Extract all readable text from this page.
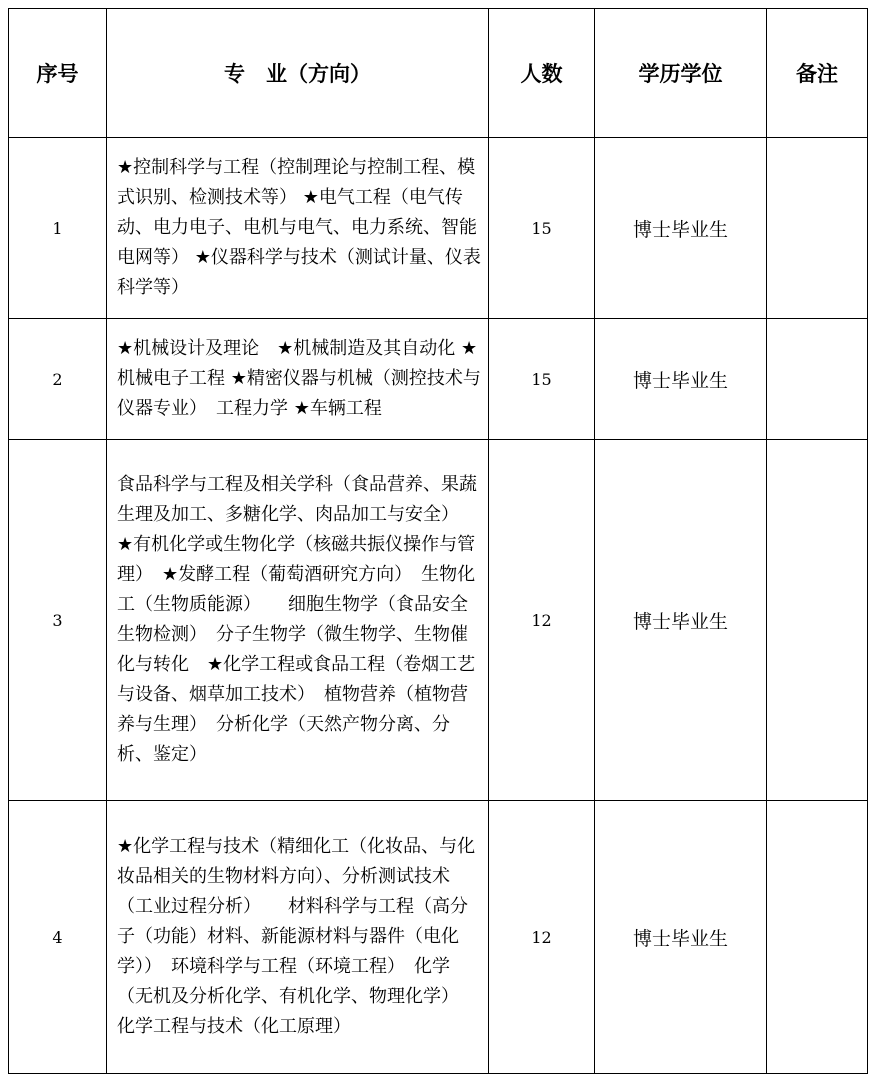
序号	专　业（方向）	人数	学历学位	备注
1	★控制科学与工程（控制理论与控制工程、模式识别、检测技术等） ★电气工程（电气传动、电力电子、电机与电气、电力系统、智能电网等） ★仪器科学与技术（测试计量、仪表科学等）	15	博士毕业生	
2	★机械设计及理论　★机械制造及其自动化 ★机械电子工程 ★精密仪器与机械（测控技术与仪器专业）　工程力学 ★车辆工程	15	博士毕业生	
3	食品科学与工程及相关学科（食品营养、果蔬生理及加工、多糖化学、肉品加工与安全）　★有机化学或生物化学（核磁共振仪操作与管理）　★发酵工程（葡萄酒研究方向）　生物化工（生物质能源）　　细胞生物学（食品安全生物检测）　分子生物学（微生物学、生物催化与转化　★化学工程或食品工程（卷烟工艺与设备、烟草加工技术）　植物营养（植物营养与生理）　分析化学（天然产物分离、分析、鉴定）	12	博士毕业生	
4	★化学工程与技术（精细化工（化妆品、与化妆品相关的生物材料方向）、分析测试技术（工业过程分析）　　材料科学与工程（高分子（功能）材料、新能源材料与器件（电化学））　环境科学与工程（环境工程）　化学（无机及分析化学、有机化学、物理化学）　化学工程与技术（化工原理）	12	博士毕业生	
